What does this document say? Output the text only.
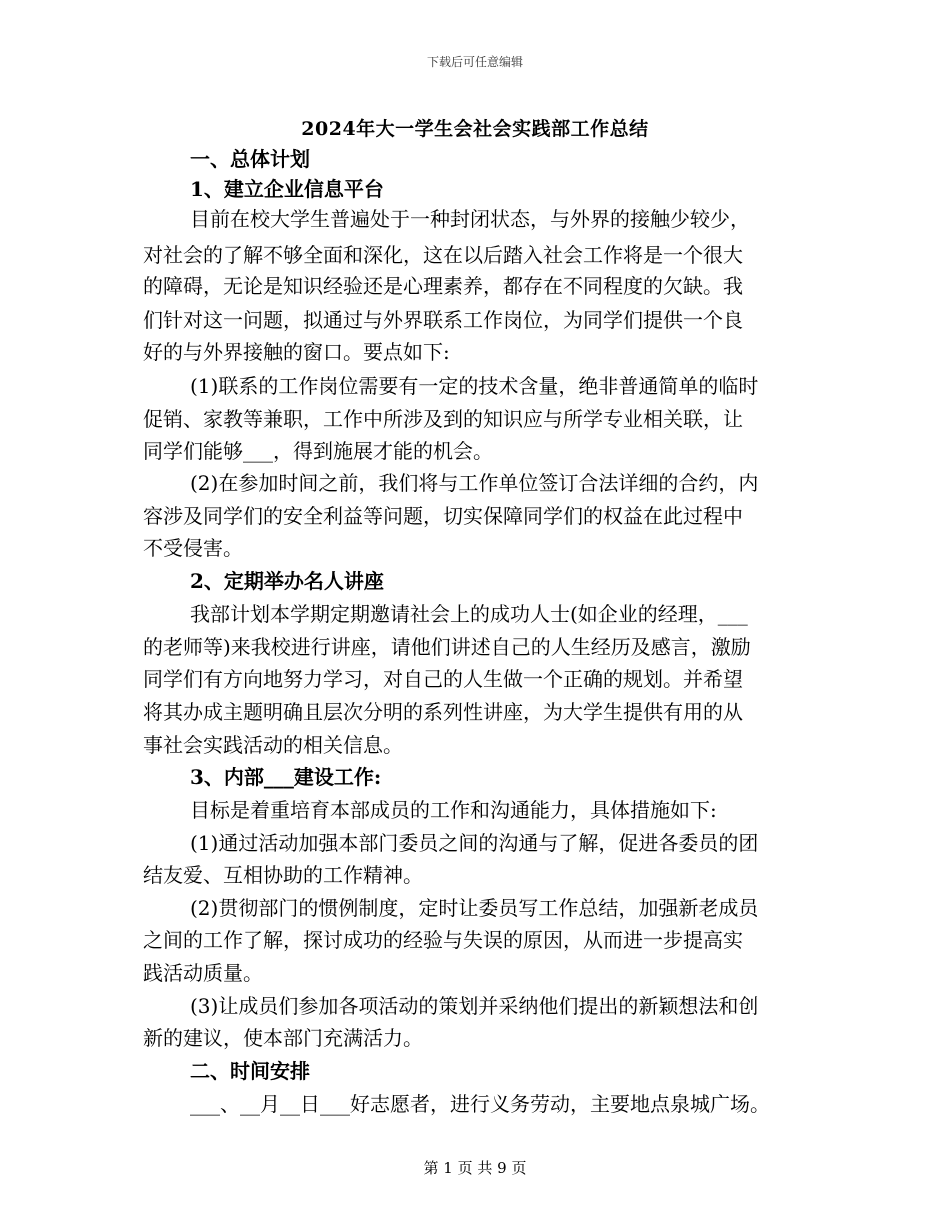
下载后可任意编辑
2024年大一学生会社会实践部工作总结
一、总体计划
1、建立企业信息平台
目前在校大学生普遍处于一种封闭状态，与外界的接触少较少，
对社会的了解不够全面和深化，这在以后踏入社会工作将是一个很大
的障碍，无论是知识经验还是心理素养，都存在不同程度的欠缺。我
们针对这一问题，拟通过与外界联系工作岗位，为同学们提供一个良
好的与外界接触的窗口。要点如下:
(1)联系的工作岗位需要有一定的技术含量，绝非普通简单的临时
促销、家教等兼职，工作中所涉及到的知识应与所学专业相关联，让
同学们能够___，得到施展才能的机会。
(2)在参加时间之前，我们将与工作单位签订合法详细的合约，内
容涉及同学们的安全利益等问题，切实保障同学们的权益在此过程中
不受侵害。
2、定期举办名人讲座
我部计划本学期定期邀请社会上的成功人士(如企业的经理，___
的老师等)来我校进行讲座，请他们讲述自己的人生经历及感言，激励
同学们有方向地努力学习，对自己的人生做一个正确的规划。并希望
将其办成主题明确且层次分明的系列性讲座，为大学生提供有用的从
事社会实践活动的相关信息。
3、内部___建设工作:
目标是着重培育本部成员的工作和沟通能力，具体措施如下:
(1)通过活动加强本部门委员之间的沟通与了解，促进各委员的团
结友爱、互相协助的工作精神。
(2)贯彻部门的惯例制度，定时让委员写工作总结，加强新老成员
之间的工作了解，探讨成功的经验与失误的原因，从而进一步提高实
践活动质量。
(3)让成员们参加各项活动的策划并采纳他们提出的新颖想法和创
新的建议，使本部门充满活力。
二、时间安排
___、__月__日___好志愿者，进行义务劳动，主要地点泉城广场。
第 1 页 共 9 页
